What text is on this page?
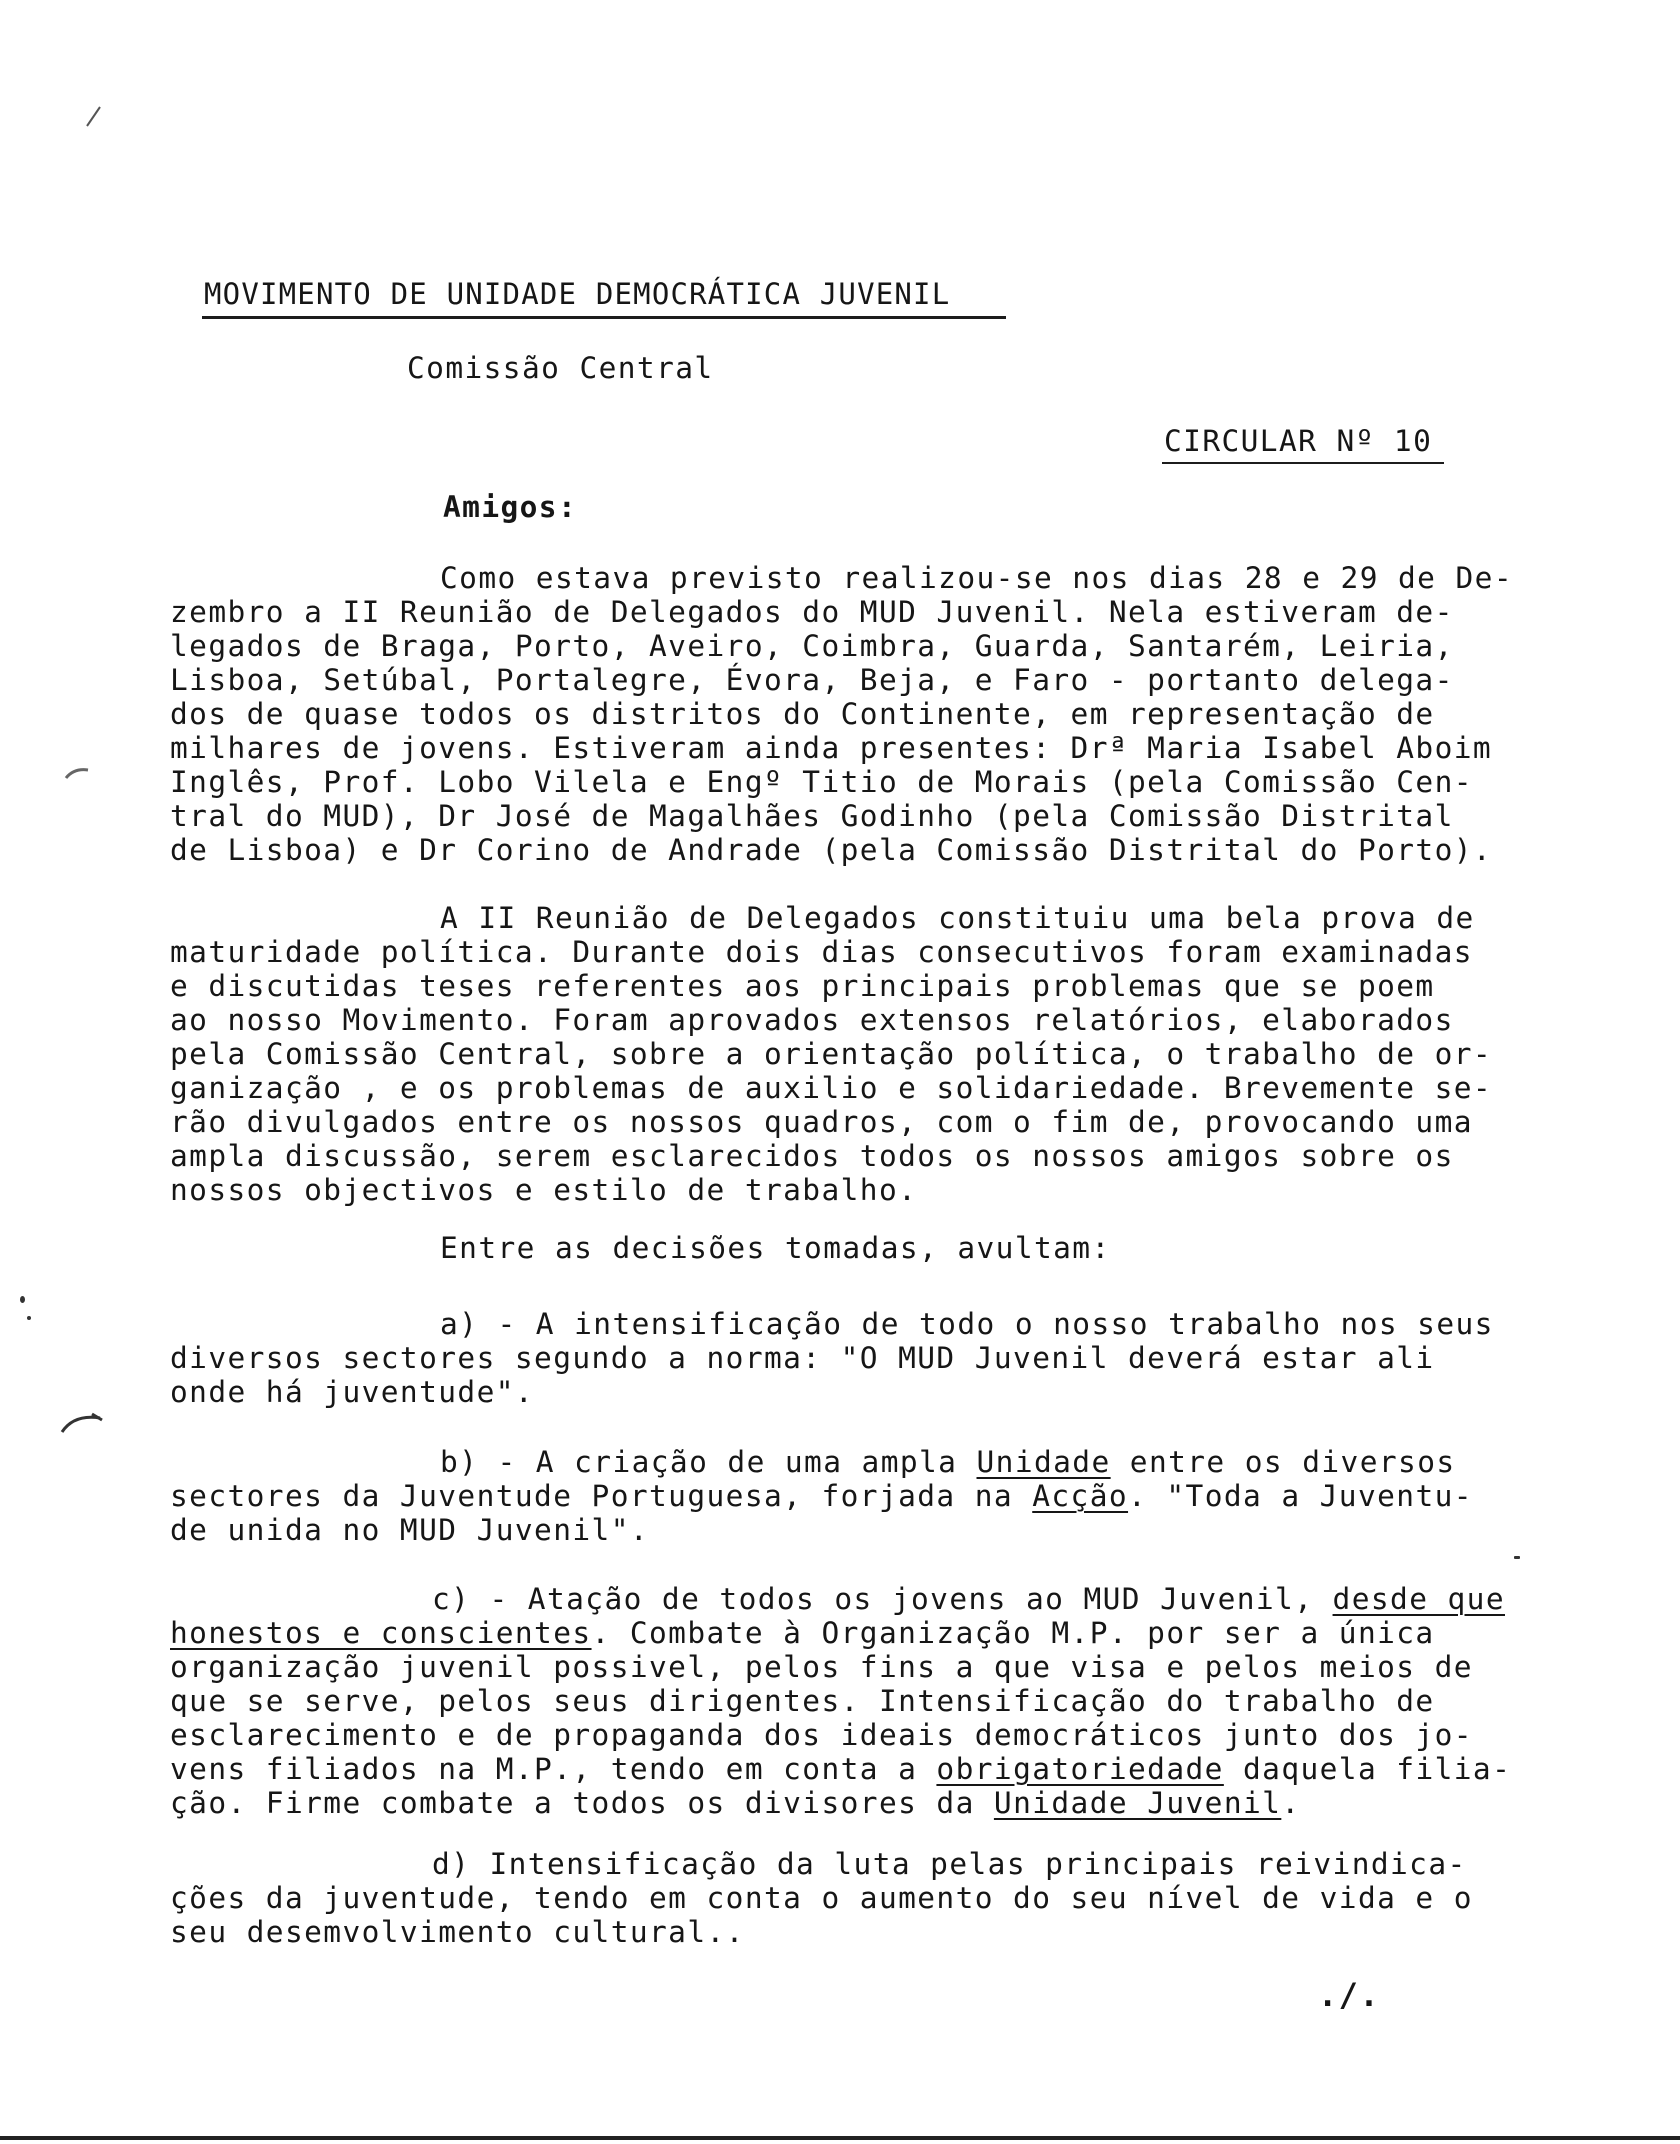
MOVIMENTO DE UNIDADE DEMOCRÁTICA JUVENIL
Comissão Central
CIRCULAR Nº 10
Amigos:
Como estava previsto realizou-se nos dias 28 e 29 de De-
zembro a II Reunião de Delegados do MUD Juvenil. Nela estiveram de-
legados de Braga, Porto, Aveiro, Coimbra, Guarda, Santarém, Leiria,
Lisboa, Setúbal, Portalegre, Évora, Beja, e Faro - portanto delega-
dos de quase todos os distritos do Continente, em representação de
milhares de jovens. Estiveram ainda presentes: Drª Maria Isabel Aboim
Inglês, Prof. Lobo Vilela e Engº Titio de Morais (pela Comissão Cen-
tral do MUD), Dr José de Magalhães Godinho (pela Comissão Distrital
de Lisboa) e Dr Corino de Andrade (pela Comissão Distrital do Porto).
A II Reunião de Delegados constituiu uma bela prova de
maturidade política. Durante dois dias consecutivos foram examinadas
e discutidas teses referentes aos principais problemas que se poem
ao nosso Movimento. Foram aprovados extensos relatórios, elaborados
pela Comissão Central, sobre a orientação política, o trabalho de or-
ganização , e os problemas de auxilio e solidariedade. Brevemente se-
rão divulgados entre os nossos quadros, com o fim de, provocando uma
ampla discussão, serem esclarecidos todos os nossos amigos sobre os
nossos objectivos e estilo de trabalho.
Entre as decisões tomadas, avultam:
a) - A intensificação de todo o nosso trabalho nos seus
diversos sectores segundo a norma: "O MUD Juvenil deverá estar ali
onde há juventude".
b) - A criação de uma ampla Unidade entre os diversos
sectores da Juventude Portuguesa, forjada na Acção. "Toda a Juventu-
de unida no MUD Juvenil".
c) - Atação de todos os jovens ao MUD Juvenil, desde que
honestos e conscientes. Combate à Organização M.P. por ser a única
organização juvenil possivel, pelos fins a que visa e pelos meios de
que se serve, pelos seus dirigentes. Intensificação do trabalho de
esclarecimento e de propaganda dos ideais democráticos junto dos jo-
vens filiados na M.P., tendo em conta a obrigatoriedade daquela filia-
ção. Firme combate a todos os divisores da Unidade Juvenil.
d) Intensificação da luta pelas principais reivindica-
ções da juventude, tendo em conta o aumento do seu nível de vida e o
seu desemvolvimento cultural..
./.
